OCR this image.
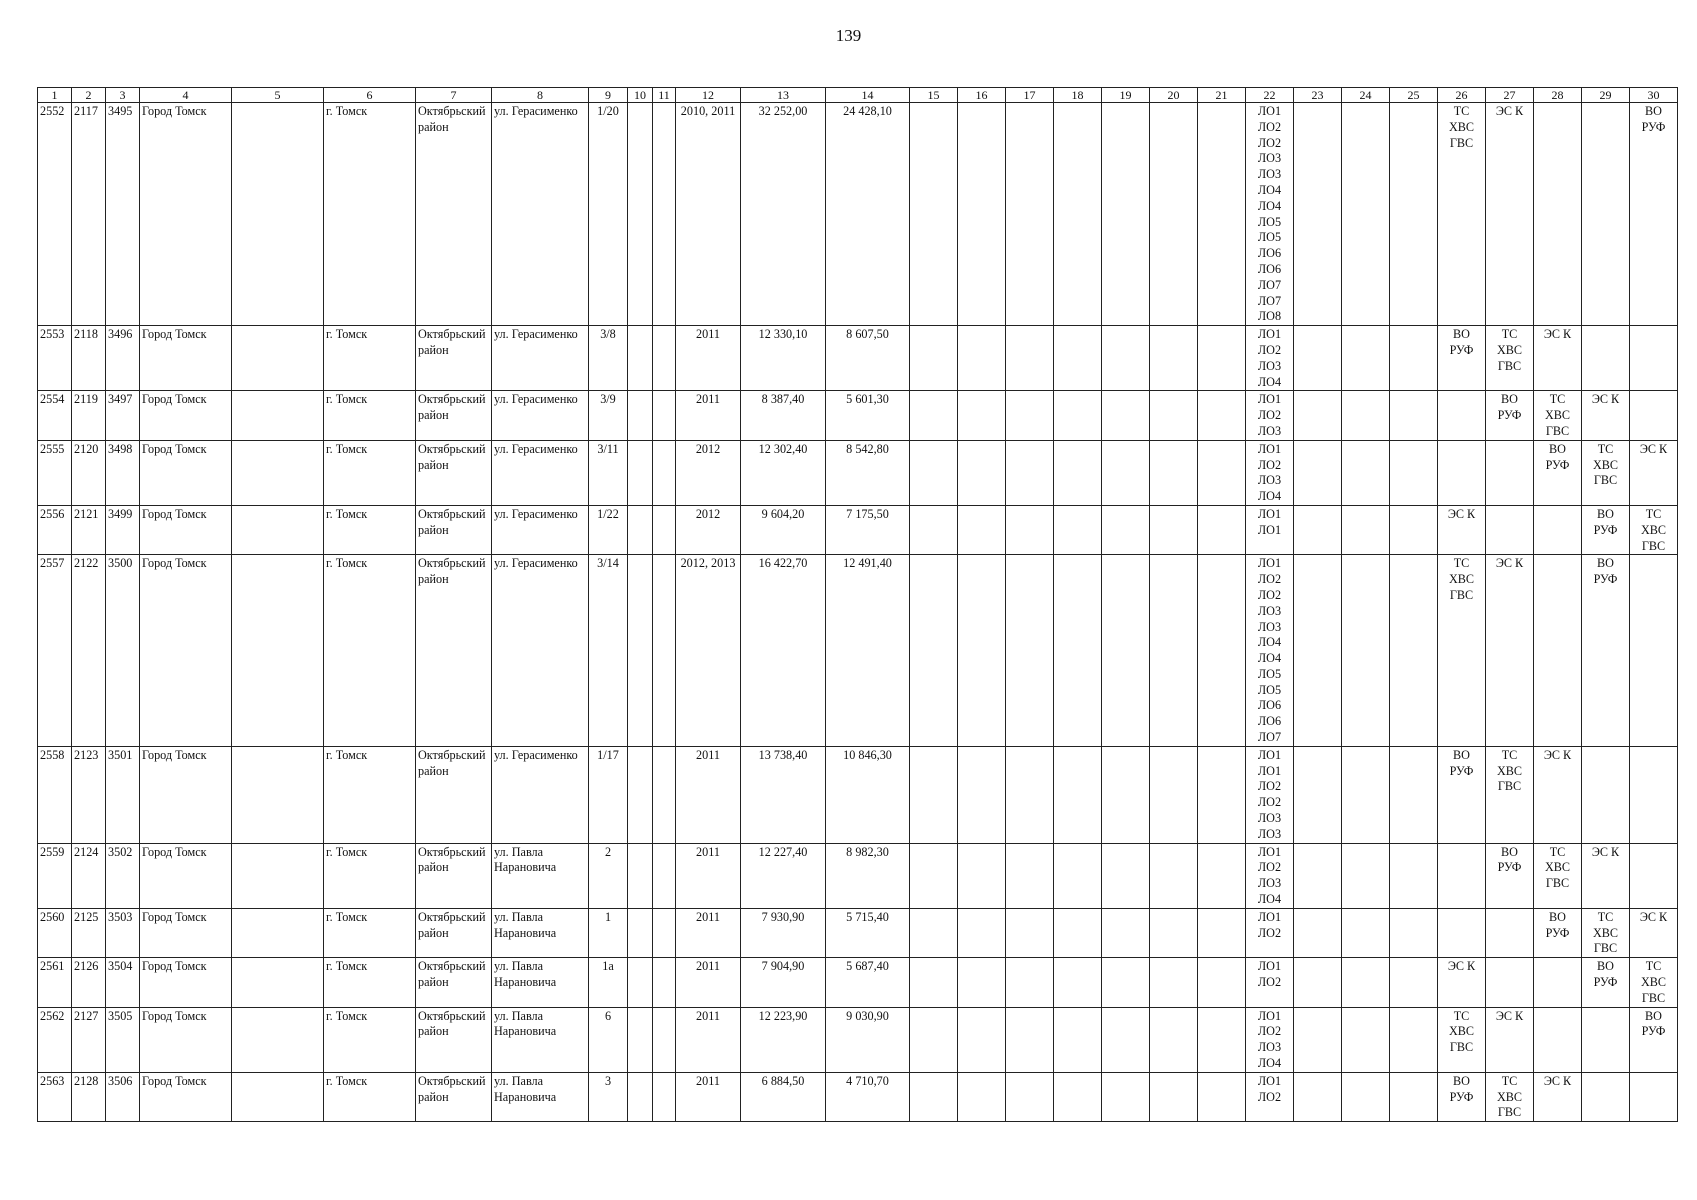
139
1	2	3	4	5	6	7	8	9	10	11	12	13	14	15	16	17	18	19	20	21	22	23	24	25	26	27	28	29	30
2552	2117	3495	Город Томск		г. Томск	Октябрьский район	ул. Герасименко	1/20			2010, 2011	32 252,00	24 428,10								ЛО1 ЛО2 ЛО2 ЛО3 ЛО3 ЛО4 ЛО4 ЛО5 ЛО5 ЛО6 ЛО6 ЛО7 ЛО7 ЛО8				ТС ХВС ГВС	ЭС К			ВО РУФ
2553	2118	3496	Город Томск		г. Томск	Октябрьский район	ул. Герасименко	3/8			2011	12 330,10	8 607,50								ЛО1 ЛО2 ЛО3 ЛО4				ВО РУФ	ТС ХВС ГВС	ЭС К		
2554	2119	3497	Город Томск		г. Томск	Октябрьский район	ул. Герасименко	3/9			2011	8 387,40	5 601,30								ЛО1 ЛО2 ЛО3					ВО РУФ	ТС ХВС ГВС	ЭС К	
2555	2120	3498	Город Томск		г. Томск	Октябрьский район	ул. Герасименко	3/11			2012	12 302,40	8 542,80								ЛО1 ЛО2 ЛО3 ЛО4						ВО РУФ	ТС ХВС ГВС	ЭС К
2556	2121	3499	Город Томск		г. Томск	Октябрьский район	ул. Герасименко	1/22			2012	9 604,20	7 175,50								ЛО1 ЛО1				ЭС К			ВО РУФ	ТС ХВС ГВС
2557	2122	3500	Город Томск		г. Томск	Октябрьский район	ул. Герасименко	3/14			2012, 2013	16 422,70	12 491,40								ЛО1 ЛО2 ЛО2 ЛО3 ЛО3 ЛО4 ЛО4 ЛО5 ЛО5 ЛО6 ЛО6 ЛО7				ТС ХВС ГВС	ЭС К		ВО РУФ	
2558	2123	3501	Город Томск		г. Томск	Октябрьский район	ул. Герасименко	1/17			2011	13 738,40	10 846,30								ЛО1 ЛО1 ЛО2 ЛО2 ЛО3 ЛО3				ВО РУФ	ТС ХВС ГВС	ЭС К		
2559	2124	3502	Город Томск		г. Томск	Октябрьский район	ул. Павла Нарановича	2			2011	12 227,40	8 982,30								ЛО1 ЛО2 ЛО3 ЛО4					ВО РУФ	ТС ХВС ГВС	ЭС К	
2560	2125	3503	Город Томск		г. Томск	Октябрьский район	ул. Павла Нарановича	1			2011	7 930,90	5 715,40								ЛО1 ЛО2						ВО РУФ	ТС ХВС ГВС	ЭС К
2561	2126	3504	Город Томск		г. Томск	Октябрьский район	ул. Павла Нарановича	1а			2011	7 904,90	5 687,40								ЛО1 ЛО2				ЭС К			ВО РУФ	ТС ХВС ГВС
2562	2127	3505	Город Томск		г. Томск	Октябрьский район	ул. Павла Нарановича	6			2011	12 223,90	9 030,90								ЛО1 ЛО2 ЛО3 ЛО4				ТС ХВС ГВС	ЭС К			ВО РУФ
2563	2128	3506	Город Томск		г. Томск	Октябрьский район	ул. Павла Нарановича	3			2011	6 884,50	4 710,70								ЛО1 ЛО2				ВО РУФ	ТС ХВС ГВС	ЭС К		
